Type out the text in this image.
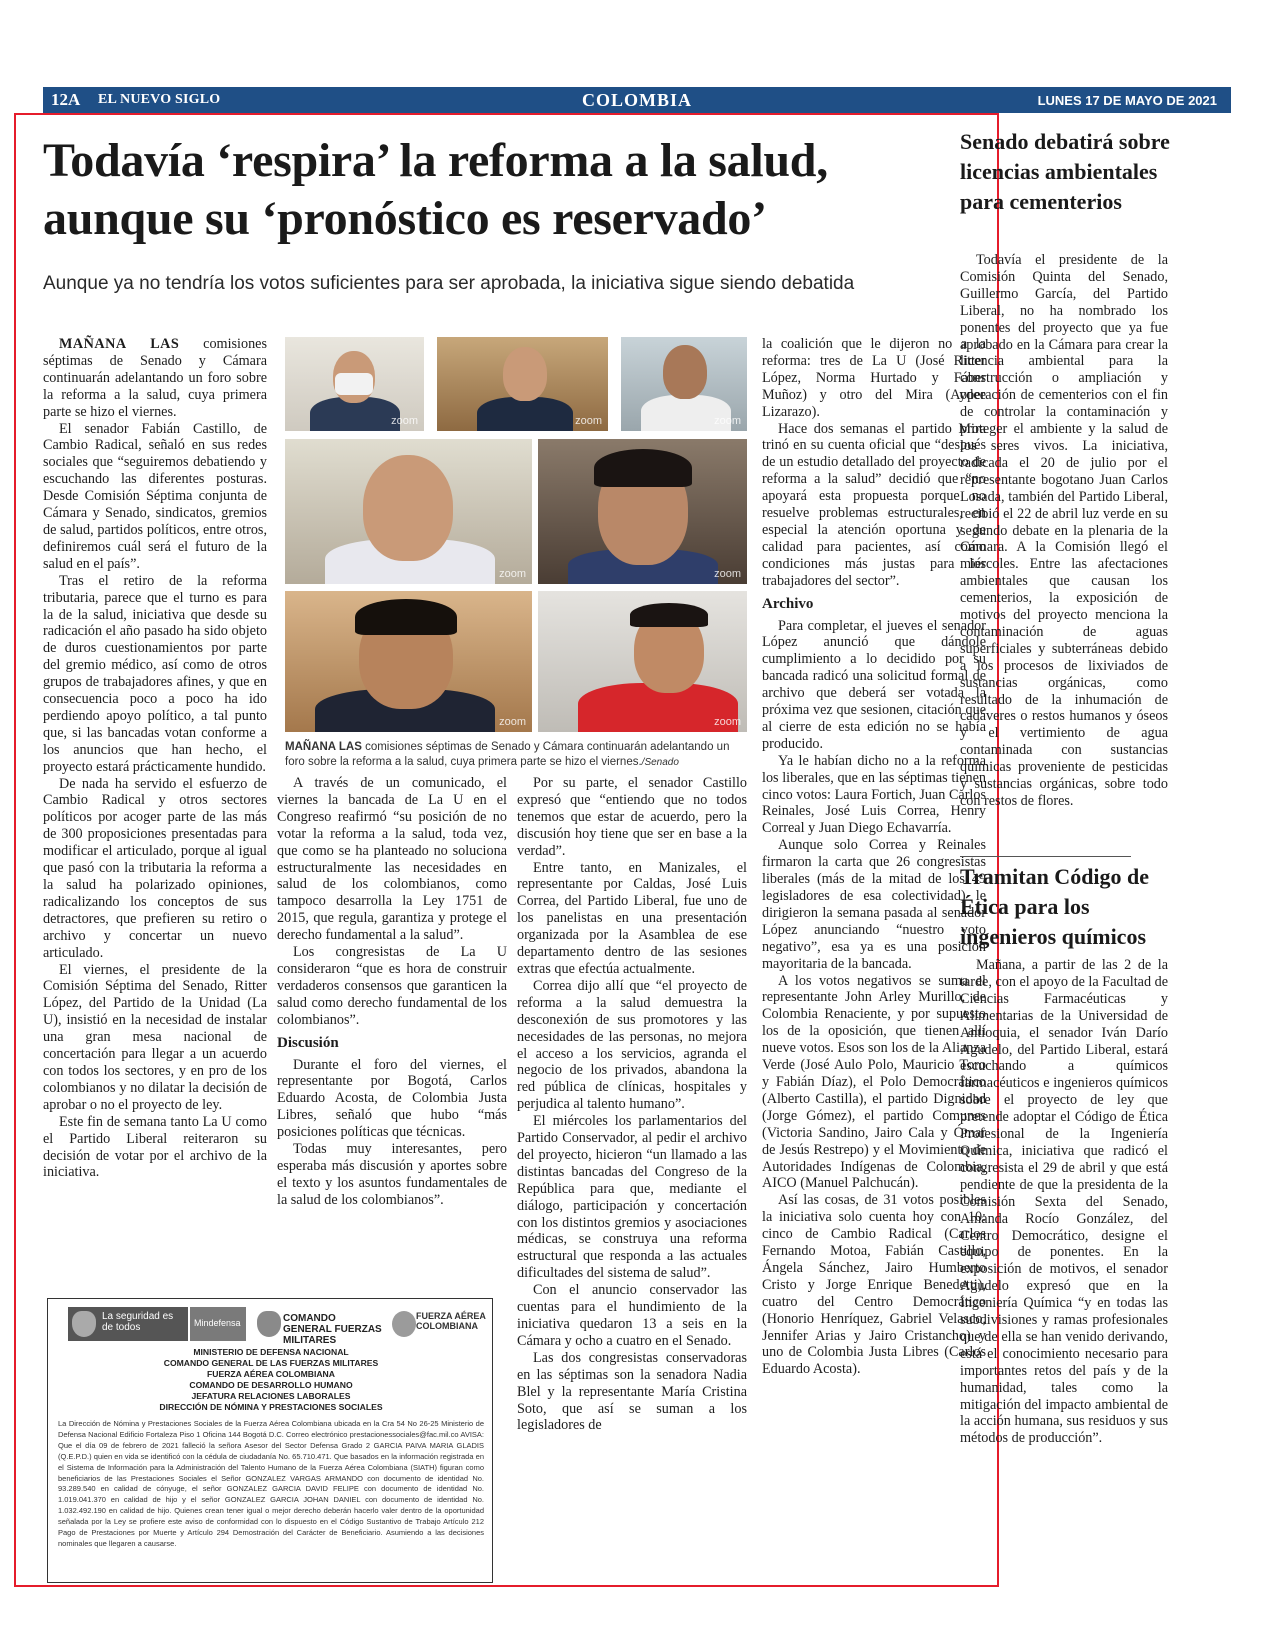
12A EL NUEVO SIGLO	COLOMBIA	LUNES 17 DE MAYO DE 2021
Todavía ‘respira’ la reforma a la salud, aunque su ‘pronóstico es reservado’
Aunque ya no tendría los votos suficientes para ser aprobada, la iniciativa sigue siendo debatida

MAÑANA LAS comisiones séptimas de Senado y Cámara continuarán adelantando un foro sobre la reforma a la salud, cuya primera parte se hizo el viernes.

El senador Fabián Castillo, de Cambio Radical, señaló en sus redes sociales que “seguiremos debatiendo y escuchando las diferentes posturas. Desde Comisión Séptima conjunta de Cámara y Senado, sindicatos, gremios de salud, partidos políticos, entre otros, definiremos cuál será el futuro de la salud en el país”.

Tras el retiro de la reforma tributaria, parece que el turno es para la de la salud, iniciativa que desde su radicación el año pasado ha sido objeto de duros cuestionamientos por parte del gremio médico, así como de otros grupos de trabajadores afines, y que en consecuencia poco a poco ha ido perdiendo apoyo político, a tal punto que, si las bancadas votan conforme a los anuncios que han hecho, el proyecto estará prácticamente hundido.

De nada ha servido el esfuerzo de Cambio Radical y otros sectores políticos por acoger parte de las más de 300 proposiciones presentadas para modificar el articulado, porque al igual que pasó con la tributaria la reforma a la salud ha polarizado opiniones, radicalizando los conceptos de sus detractores, que prefieren su retiro o archivo y concertar un nuevo articulado.

El viernes, el presidente de la Comisión Séptima del Senado, Ritter López, del Partido de la Unidad (La U), insistió en la necesidad de instalar una gran mesa nacional de concertación para llegar a un acuerdo con todos los sectores, y en pro de los colombianos y no dilatar la decisión de aprobar o no el proyecto de ley.

Este fin de semana tanto La U como el Partido Liberal reiteraron su decisión de votar por el archivo de la iniciativa.

zoom	zoom	zoom
zoom	zoom
zoom	zoom
MAÑANA LAS comisiones séptimas de Senado y Cámara continuarán adelantando un foro sobre la reforma a la salud, cuya primera parte se hizo el viernes./Senado

A través de un comunicado, el viernes la bancada de La U en el Congreso reafirmó “su posición de no votar la reforma a la salud, toda vez, que como se ha planteado no soluciona estructuralmente las necesidades en salud de los colombianos, como tampoco desarrolla la Ley 1751 de 2015, que regula, garantiza y protege el derecho fundamental a la salud”.

Los congresistas de La U consideraron “que es hora de construir verdaderos consensos que garanticen la salud como derecho fundamental de los colombianos”.

Discusión

Durante el foro del viernes, el representante por Bogotá, Carlos Eduardo Acosta, de Colombia Justa Libres, señaló que hubo “más posiciones políticas que técnicas.

Todas muy interesantes, pero esperaba más discusión y aportes sobre el texto y los asuntos fundamentales de la salud de los colombianos”.

Por su parte, el senador Castillo expresó que “entiendo que no todos tenemos que estar de acuerdo, pero la discusión hoy tiene que ser en base a la verdad”.

Entre tanto, en Manizales, el representante por Caldas, José Luis Correa, del Partido Liberal, fue uno de los panelistas en una presentación organizada por la Asamblea de ese departamento dentro de las sesiones extras que efectúa actualmente.

Correa dijo allí que “el proyecto de reforma a la salud demuestra la desconexión de sus promotores y las necesidades de las personas, no mejora el acceso a los servicios, agranda el negocio de los privados, abandona la red pública de clínicas, hospitales y perjudica al talento humano”.

El miércoles los parlamentarios del Partido Conservador, al pedir el archivo del proyecto, hicieron “un llamado a las distintas bancadas del Congreso de la República para que, mediante el diálogo, participación y concertación con los distintos gremios y asociaciones médicas, se construya una reforma estructural que responda a las actuales dificultades del sistema de salud”.

Con el anuncio conservador las cuentas para el hundimiento de la iniciativa quedaron 13 a seis en la Cámara y ocho a cuatro en el Senado.

Las dos congresistas conservadoras en las séptimas son la senadora Nadia Blel y la representante María Cristina Soto, que así se suman a los legisladores de

la coalición que le dijeron no a la reforma: tres de La U (José Ritter López, Norma Hurtado y Fáber Muñoz) y otro del Mira (Aydee Lizarazo).

Hace dos semanas el partido Mira trinó en su cuenta oficial que “después de un estudio detallado del proyecto de reforma a la salud” decidió que “no apoyará esta propuesta porque no resuelve problemas estructurales, en especial la atención oportuna y de calidad para pacientes, así como condiciones más justas para los trabajadores del sector”.

Archivo

Para completar, el jueves el senador López anunció que dándole cumplimiento a lo decidido por su bancada radicó una solicitud formal de archivo que deberá ser votada la próxima vez que sesionen, citación que al cierre de esta edición no se había producido.

Ya le habían dicho no a la reforma los liberales, que en las séptimas tienen cinco votos: Laura Fortich, Juan Carlos Reinales, José Luis Correa, Henry Correal y Juan Diego Echavarría.

Aunque solo Correa y Reinales firmaron la carta que 26 congresistas liberales (más de la mitad de los 49 legisladores de esa colectividad) le dirigieron la semana pasada al senador López anunciando “nuestro voto negativo”, esa ya es una posición mayoritaria de la bancada.

A los votos negativos se suma el representante John Arley Murillo, de Colombia Renaciente, y por supuesto los de la oposición, que tienen allí nueve votos. Esos son los de la Alianza Verde (José Aulo Polo, Mauricio Toro y Fabián Díaz), el Polo Democrático (Alberto Castilla), el partido Dignidad (Jorge Gómez), el partido Comunes (Victoria Sandino, Jairo Cala y Ómar de Jesús Restrepo) y el Movimiento de Autoridades Indígenas de Colombia, AICO (Manuel Palchucán).

Así las cosas, de 31 votos posibles la iniciativa solo cuenta hoy con 10: cinco de Cambio Radical (Carlos Fernando Motoa, Fabián Castillo, Ángela Sánchez, Jairo Humberto Cristo y Jorge Enrique Benedetti), cuatro del Centro Democrático (Honorio Henríquez, Gabriel Velasco, Jennifer Arias y Jairo Cristancho) y uno de Colombia Justa Libres (Carlos Eduardo Acosta).

La seguridad es de todos	Mindefensa	COMANDO GENERAL FUERZAS MILITARES
FUERZA AÉREA COLOMBIANA
MINISTERIO DE DEFENSA NACIONAL
COMANDO GENERAL DE LAS FUERZAS MILITARES
FUERZA AÉREA COLOMBIANA
COMANDO DE DESARROLLO HUMANO
JEFATURA RELACIONES LABORALES
DIRECCIÓN DE NÓMINA Y PRESTACIONES SOCIALES
La Dirección de Nómina y Prestaciones Sociales de la Fuerza Aérea Colombiana ubicada en la Cra 54 No 26-25 Ministerio de Defensa Nacional Edificio Fortaleza Piso 1 Oficina 144 Bogotá D.C. Correo electrónico prestacionessociales@fac.mil.co AVISA: Que el día 09 de febrero de 2021 falleció la señora Asesor del Sector Defensa Grado 2 GARCIA PAIVA MARIA GLADIS (Q.E.P.D.) quien en vida se identificó con la cédula de ciudadanía No. 65.710.471. Que basados en la información registrada en el Sistema de Información para la Administración del Talento Humano de la Fuerza Aérea Colombiana (SIATH) figuran como beneficiarios de las Prestaciones Sociales el Señor GONZALEZ VARGAS ARMANDO con documento de identidad No. 93.289.540 en calidad de cónyuge, el señor GONZALEZ GARCIA DAVID FELIPE con documento de identidad No. 1.019.041.370 en calidad de hijo y el señor GONZALEZ GARCIA JOHAN DANIEL con documento de identidad No. 1.032.492.190 en calidad de hijo. Quienes crean tener igual o mejor derecho deberán hacerlo valer dentro de la oportunidad señalada por la Ley se profiere este aviso de conformidad con lo dispuesto en el Código Sustantivo de Trabajo Artículo 212 Pago de Prestaciones por Muerte y Artículo 294 Demostración del Carácter de Beneficiario. Asumiendo a las decisiones nominales que llegaren a causarse.
Senado debatirá sobre licencias ambientales para cementerios

Todavía el presidente de la Comisión Quinta del Senado, Guillermo García, del Partido Liberal, no ha nombrado los ponentes del proyecto que ya fue aprobado en la Cámara para crear la licencia ambiental para la construcción o ampliación y operación de cementerios con el fin de controlar la contaminación y proteger el ambiente y la salud de los seres vivos. La iniciativa, radicada el 20 de julio por el representante bogotano Juan Carlos Losada, también del Partido Liberal, recibió el 22 de abril luz verde en su segundo debate en la plenaria de la Cámara. A la Comisión llegó el miércoles. Entre las afectaciones ambientales que causan los cementerios, la exposición de motivos del proyecto menciona la contaminación de aguas superficiales y subterráneas debido a los procesos de lixiviados de sustancias orgánicas, como resultado de la inhumación de cadáveres o restos humanos y óseos y el vertimiento de agua contaminada con sustancias químicas proveniente de pesticidas y sustancias orgánicas, sobre todo con restos de flores.

Tramitan Código de Ética para los ingenieros químicos

Mañana, a partir de las 2 de la tarde, con el apoyo de la Facultad de Ciencias Farmacéuticas y Alimentarias de la Universidad de Antioquia, el senador Iván Darío Agudelo, del Partido Liberal, estará escuchando a químicos farmacéuticos e ingenieros químicos sobre el proyecto de ley que pretende adoptar el Código de Ética Profesional de la Ingeniería Química, iniciativa que radicó el congresista el 29 de abril y que está pendiente de que la presidenta de la Comisión Sexta del Senado, Amanda Rocío González, del Centro Democrático, designe el equipo de ponentes. En la exposición de motivos, el senador Agudelo expresó que en la Ingeniería Química “y en todas las subdivisiones y ramas profesionales que de ella se han venido derivando, está el conocimiento necesario para importantes retos del país y de la humanidad, tales como la mitigación del impacto ambiental de la acción humana, sus residuos y sus métodos de producción”.
